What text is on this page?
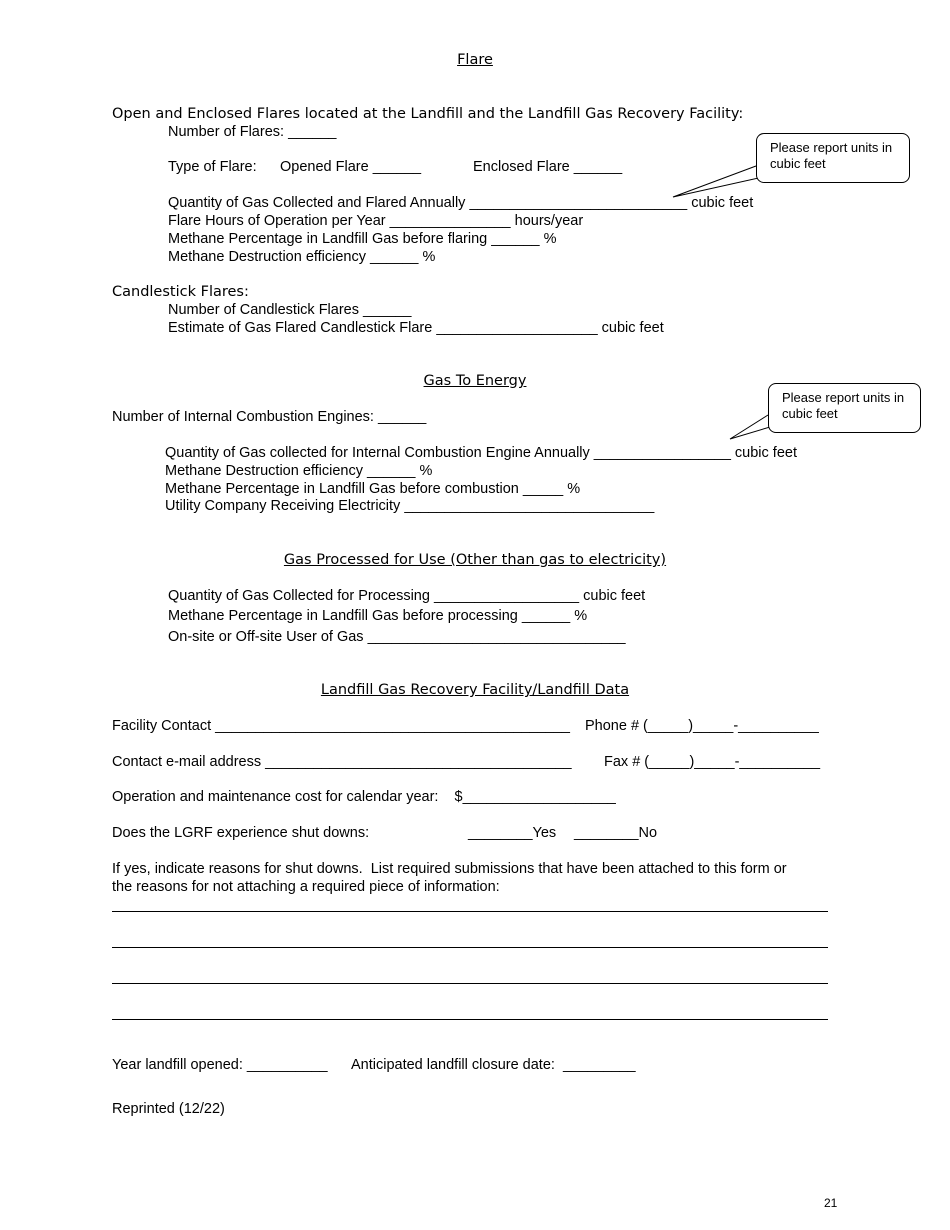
Flare
Open and Enclosed Flares located at the Landfill and the Landfill Gas Recovery Facility:
Number of Flares: ______
Type of Flare: Opened Flare ______	Enclosed Flare ______
Please report units in cubic feet
Quantity of Gas Collected and Flared Annually ___________________________ cubic feet
Flare Hours of Operation per Year _______________ hours/year
Methane Percentage in Landfill Gas before flaring ______ %
Methane Destruction efficiency ______ %
Candlestick Flares:
Number of Candlestick Flares ______
Estimate of Gas Flared Candlestick Flare ____________________ cubic feet
Gas To Energy
Number of Internal Combustion Engines: ______
Please report units in cubic feet
Quantity of Gas collected for Internal Combustion Engine Annually _________________ cubic feet
Methane Destruction efficiency ______ %
Methane Percentage in Landfill Gas before combustion _____ %
Utility Company Receiving Electricity _______________________________
Gas Processed for Use (Other than gas to electricity)
Quantity of Gas Collected for Processing __________________ cubic feet
Methane Percentage in Landfill Gas before processing ______ %
On-site or Off-site User of Gas ________________________________
Landfill Gas Recovery Facility/Landfill Data
Facility Contact ____________________________________________ Phone # (_____)_____-__________
Contact e-mail address ______________________________________ Fax # (_____)_____-__________
Operation and maintenance cost for calendar year:    $___________________
Does the LGRF experience shut downs:	________Yes ________No
If yes, indicate reasons for shut downs.  List required submissions that have been attached to this form or
the reasons for not attaching a required piece of information:
Year landfill opened: __________ Anticipated landfill closure date:  _________
Reprinted (12/22)
21
